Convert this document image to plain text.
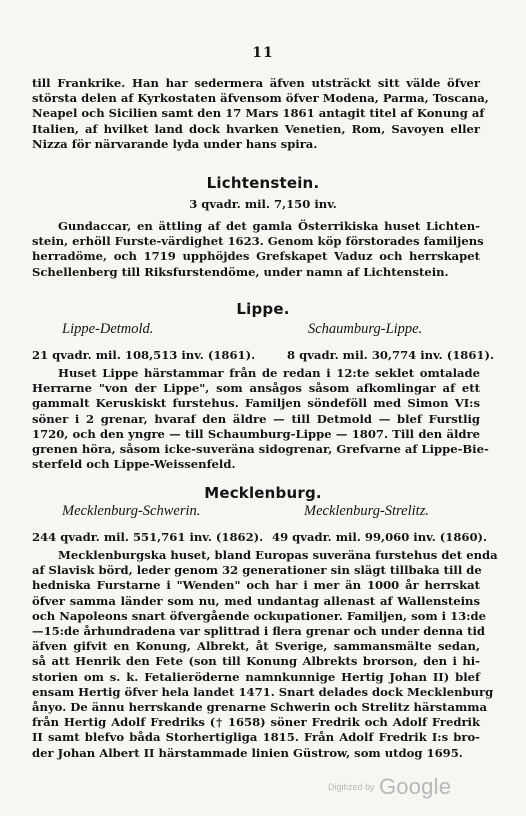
11
till Frankrike. Han har sedermera äfven utsträckt sitt välde öfver
största delen af Kyrkostaten äfvensom öfver Modena, Parma, Toscana,
Neapel och Sicilien samt den 17 Mars 1861 antagit titel af Konung af
Italien, af hvilket land dock hvarken Venetien, Rom, Savoyen eller
Nizza för närvarande lyda under hans spira.
Lichtenstein.
3 qvadr. mil. 7,150 inv.
Gundaccar, en ättling af det gamla Österrikiska huset Lichten-
stein, erhöll Furste-värdighet 1623. Genom köp förstorades familjens
herradöme, och 1719 upphöjdes Grefskapet Vaduz och herrskapet
Schellenberg till Riksfurstendöme, under namn af Lichtenstein.
Lippe.
Lippe-Detmold.	Schaumburg-Lippe.
21 qvadr. mil. 108,513 inv. (1861).	8 qvadr. mil. 30,774 inv. (1861).
Huset Lippe härstammar från de redan i 12:te seklet omtalade
Herrarne "von der Lippe", som ansågos såsom afkomlingar af ett
gammalt Keruskiskt furstehus. Familjen söndeföll med Simon VI:s
söner i 2 grenar, hvaraf den äldre — till Detmold — blef Furstlig
1720, och den yngre — till Schaumburg-Lippe — 1807. Till den äldre
grenen höra, såsom icke-suveräna sidogrenar, Grefvarne af Lippe-Bie-
sterfeld och Lippe-Weissenfeld.
Mecklenburg.
Mecklenburg-Schwerin.	Mecklenburg-Strelitz.
244 qvadr. mil. 551,761 inv. (1862). 49 qvadr. mil. 99,060 inv. (1860).
Mecklenburgska huset, bland Europas suveräna furstehus det enda
af Slavisk börd, leder genom 32 generationer sin slägt tillbaka till de
hedniska Furstarne i "Wenden" och har i mer än 1000 år herrskat
öfver samma länder som nu, med undantag allenast af Wallensteins
och Napoleons snart öfvergående ockupationer. Familjen, som i 13:de
—15:de århundradena var splittrad i flera grenar och under denna tid
äfven gifvit en Konung, Albrekt, åt Sverige, sammansmälte sedan,
så att Henrik den Fete (son till Konung Albrekts brorson, den i hi-
storien om s. k. Fetalieröderne namnkunnige Hertig Johan II) blef
ensam Hertig öfver hela landet 1471. Snart delades dock Mecklenburg
ånyo. De ännu herrskande grenarne Schwerin och Strelitz härstamma
från Hertig Adolf Fredriks († 1658) söner Fredrik och Adolf Fredrik
II samt blefvo båda Storhertigliga 1815. Från Adolf Fredrik I:s bro-
der Johan Albert II härstammade linien Güstrow, som utdog 1695.
Digitized by Google
